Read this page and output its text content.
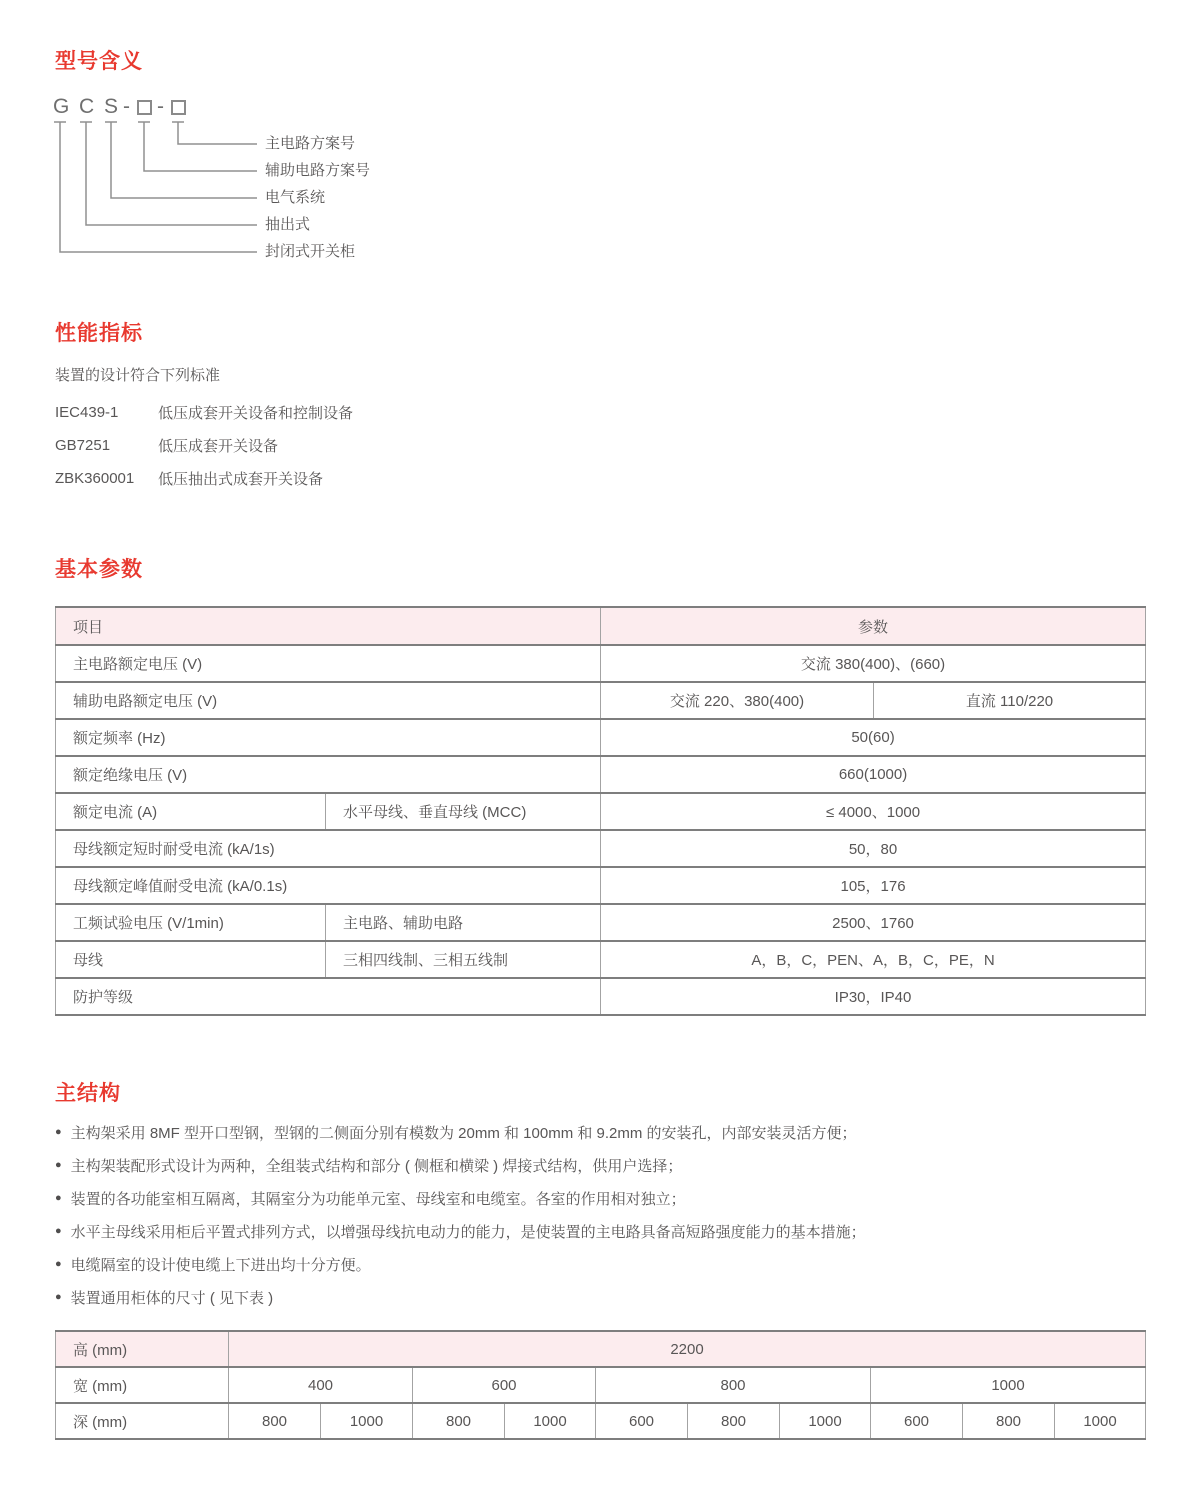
型号含义
G C S - -
主电路方案号
辅助电路方案号
电气系统
抽出式
封闭式开关柜
性能指标
装置的设计符合下列标准
IEC439-1	低压成套开关设备和控制设备
GB7251	低压成套开关设备
ZBK360001	低压抽出式成套开关设备
基本参数
项目		参数	
主电路额定电压 (V)		交流 380(400)、(660)	
辅助电路额定电压 (V)		交流 220、380(400)	直流 110/220
额定频率 (Hz)		50(60)	
额定绝缘电压 (V)		660(1000)	
额定电流 (A)	水平母线、垂直母线 (MCC)	≤ 4000、1000	
母线额定短时耐受电流 (kA/1s)		50，80	
母线额定峰值耐受电流 (kA/0.1s)		105，176	
工频试验电压 (V/1min)	主电路、辅助电路	2500、1760	
母线	三相四线制、三相五线制	A，B，C，PEN、A，B，C，PE，N	
防护等级		IP30，IP40	
主结构
● 主构架采用 8MF 型开口型钢，型钢的二侧面分别有模数为 20mm 和 100mm 和 9.2mm 的安装孔，内部安装灵活方便；
● 主构架装配形式设计为两种，全组装式结构和部分 ( 侧框和横梁 ) 焊接式结构，供用户选择；
● 装置的各功能室相互隔离，其隔室分为功能单元室、母线室和电缆室。各室的作用相对独立；
● 水平主母线采用柜后平置式排列方式，以增强母线抗电动力的能力，是使装置的主电路具备高短路强度能力的基本措施；
● 电缆隔室的设计使电缆上下进出均十分方便。
● 装置通用柜体的尺寸 ( 见下表 )
高 (mm)	2200									
宽 (mm)	400		600		800			1000		
深 (mm)	800	1000	800	1000	600	800	1000	600	800	1000
